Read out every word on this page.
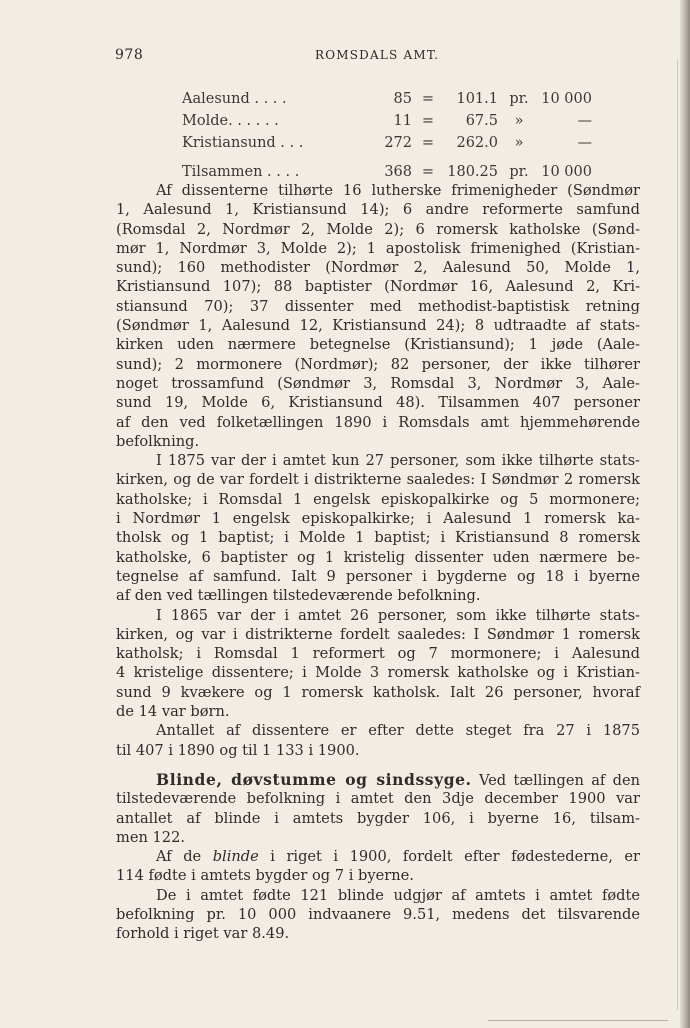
978	ROMSDALS AMT.
Aalesund . . . .	85	=	101.1	pr.	10 000
Molde. . . . . .	11	=	67.5	»	—
Kristiansund . . .	272	=	262.0	»	—
Tilsammen . . . .	368	=	180.25	pr.	10 000
Af dissenterne tilhørte 16 lutherske frimenigheder (Søndmør
1, Aalesund 1, Kristiansund 14); 6 andre reformerte samfund
(Romsdal 2, Nordmør 2, Molde 2); 6 romersk katholske (Sønd-
mør 1, Nordmør 3, Molde 2); 1 apostolisk frimenighed (Kristian-
sund); 160 methodister (Nordmør 2, Aalesund 50, Molde 1,
Kristiansund 107); 88 baptister (Nordmør 16, Aalesund 2, Kri-
stiansund 70); 37 dissenter med methodist-baptistisk retning
(Søndmør 1, Aalesund 12, Kristiansund 24); 8 udtraadte af stats-
kirken uden nærmere betegnelse (Kristiansund); 1 jøde (Aale-
sund); 2 mormonere (Nordmør); 82 personer, der ikke tilhører
noget trossamfund (Søndmør 3, Romsdal 3, Nordmør 3, Aale-
sund 19, Molde 6, Kristiansund 48). Tilsammen 407 personer
af den ved folketællingen 1890 i Romsdals amt hjemmehørende
befolkning.
I 1875 var der i amtet kun 27 personer, som ikke tilhørte stats-
kirken, og de var fordelt i distrikterne saaledes: I Søndmør 2 romersk
katholske; i Romsdal 1 engelsk episkopalkirke og 5 mormonere;
i Nordmør 1 engelsk episkopalkirke; i Aalesund 1 romersk ka-
tholsk og 1 baptist; i Molde 1 baptist; i Kristiansund 8 romersk
katholske, 6 baptister og 1 kristelig dissenter uden nærmere be-
tegnelse af samfund. Ialt 9 personer i bygderne og 18 i byerne
af den ved tællingen tilstedeværende befolkning.
I 1865 var der i amtet 26 personer, som ikke tilhørte stats-
kirken, og var i distrikterne fordelt saaledes: I Søndmør 1 romersk
katholsk; i Romsdal 1 reformert og 7 mormonere; i Aalesund
4 kristelige dissentere; i Molde 3 romersk katholske og i Kristian-
sund 9 kvækere og 1 romersk katholsk. Ialt 26 personer, hvoraf
de 14 var børn.
Antallet af dissentere er efter dette steget fra 27 i 1875
til 407 i 1890 og til 1 133 i 1900.
Blinde, døvstumme og sindssyge. Ved tællingen af den
tilstedeværende befolkning i amtet den 3dje december 1900 var
antallet af blinde i amtets bygder 106, i byerne 16, tilsam-
men 122.
Af de blinde i riget i 1900, fordelt efter fødestederne, er
114 fødte i amtets bygder og 7 i byerne.
De i amtet fødte 121 blinde udgjør af amtets i amtet fødte
befolkning pr. 10 000 indvaanere 9.51, medens det tilsvarende
forhold i riget var 8.49.
